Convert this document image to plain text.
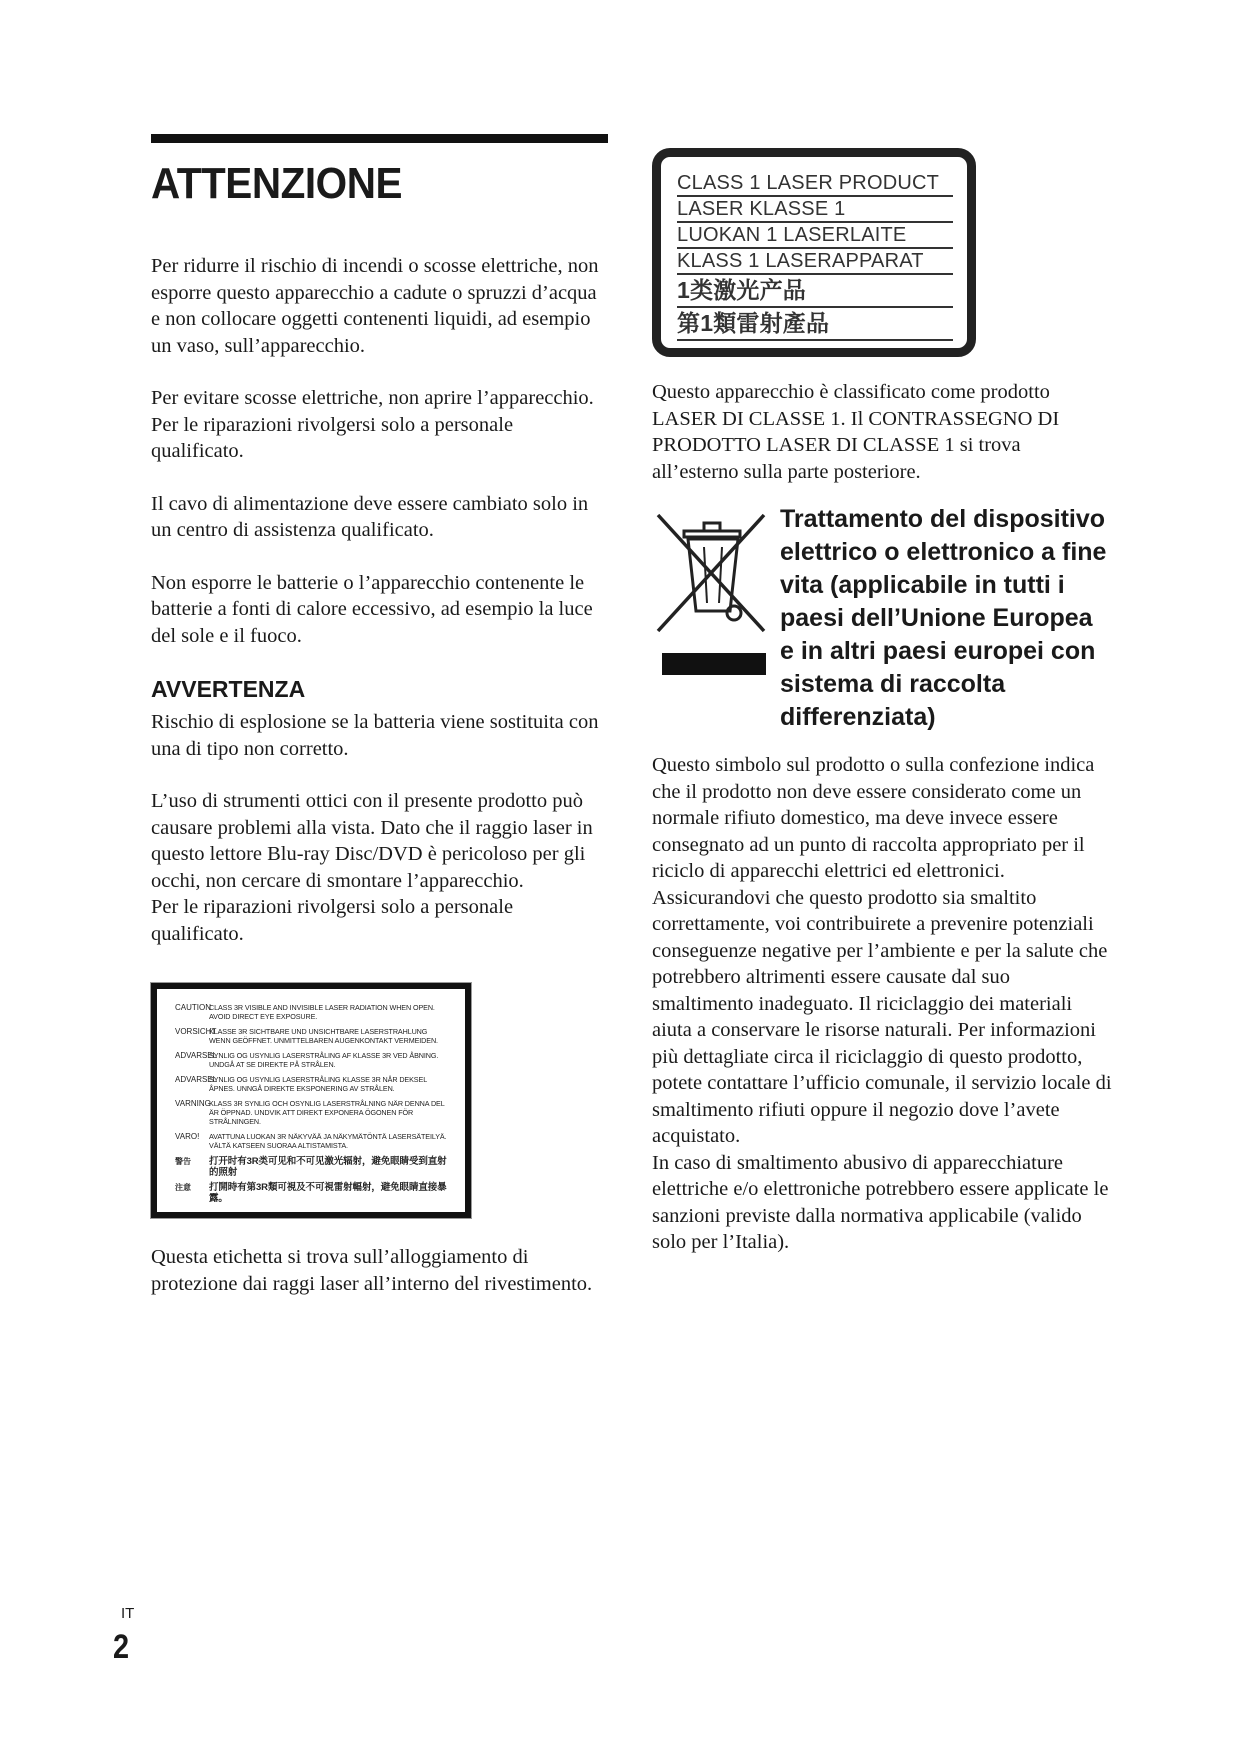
ATTENZIONE

Per ridurre il rischio di incendi o scosse elettriche, non esporre questo apparecchio a cadute o spruzzi d’acqua e non collocare oggetti contenenti liquidi, ad esempio un vaso, sull’apparecchio.

Per evitare scosse elettriche, non aprire l’apparecchio. Per le riparazioni rivolgersi solo a personale qualificato.

Il cavo di alimentazione deve essere cambiato solo in un centro di assistenza qualificato.

Non esporre le batterie o l’apparecchio contenente le batterie a fonti di calore eccessivo, ad esempio la luce del sole e il fuoco.

AVVERTENZA

Rischio di esplosione se la batteria viene sostituita con una di tipo non corretto.

L’uso di strumenti ottici con il presente prodotto può causare problemi alla vista. Dato che il raggio laser in questo lettore Blu-ray Disc/DVD è pericoloso per gli occhi, non cercare di smontare l’apparecchio.

Per le riparazioni rivolgersi solo a personale qualificato.

CAUTION
CLASS 3R VISIBLE AND INVISIBLE LASER RADIATION WHEN OPEN. AVOID DIRECT EYE EXPOSURE.
VORSICHT
KLASSE 3R SICHTBARE UND UNSICHTBARE LASERSTRAHLUNG WENN GEÖFFNET. UNMITTELBAREN AUGENKONTAKT VERMEIDEN.
ADVARSEL
SYNLIG OG USYNLIG LASERSTRÅLING AF KLASSE 3R VED ÅBNING. UNDGÅ AT SE DIREKTE PÅ STRÅLEN.
ADVARSEL
SYNLIG OG USYNLIG LASERSTRÅLING KLASSE 3R NÅR DEKSEL ÅPNES. UNNGÅ DIREKTE EKSPONERING AV STRÅLEN.
VARNING
KLASS 3R SYNLIG OCH OSYNLIG LASERSTRÅLNING NÄR DENNA DEL ÄR ÖPPNAD. UNDVIK ATT DIREKT EXPONERA ÖGONEN FÖR STRÅLNINGEN.
VARO!	AVATTUNA LUOKAN 3R NÄKYVÄÄ JA NÄKYMÄTÖNTÄ LASERSÄTEILYÄ. VÄLTÄ KATSEEN SUORAA ALTISTAMISTA.
警告	打开时有3R类可见和不可见激光辐射，避免眼睛受到直射的照射
注意	打開時有第3R類可視及不可視雷射輻射，避免眼睛直接暴露。

Questa etichetta si trova sull’alloggiamento di protezione dai raggi laser all’interno del rivestimento.

CLASS 1 LASER PRODUCT
LASER KLASSE 1
LUOKAN 1 LASERLAITE
KLASS 1 LASERAPPARAT
1类激光产品
第1類雷射產品

Questo apparecchio è classificato come prodotto LASER DI CLASSE 1. Il CONTRASSEGNO DI PRODOTTO LASER DI CLASSE 1 si trova all’esterno sulla parte posteriore.

Trattamento del dispositivo elettrico o elettronico a fine vita (applicabile in tutti i paesi dell’Unione Europea e in altri paesi europei con sistema di raccolta differenziata)

Questo simbolo sul prodotto o sulla confezione indica che il prodotto non deve essere considerato come un normale rifiuto domestico, ma deve invece essere consegnato ad un punto di raccolta appropriato per il riciclo di apparecchi elettrici ed elettronici. Assicurandovi che questo prodotto sia smaltito correttamente, voi contribuirete a prevenire potenziali conseguenze negative per l’ambiente e per la salute che potrebbero altrimenti essere causate dal suo smaltimento inadeguato. Il riciclaggio dei materiali aiuta a conservare le risorse naturali. Per informazioni più dettagliate circa il riciclaggio di questo prodotto, potete contattare l’ufficio comunale, il servizio locale di smaltimento rifiuti oppure il negozio dove l’avete acquistato.

In caso di smaltimento abusivo di apparecchiature elettriche e/o elettroniche potrebbero essere applicate le sanzioni previste dalla normativa applicabile (valido solo per l’Italia).

IT
2
